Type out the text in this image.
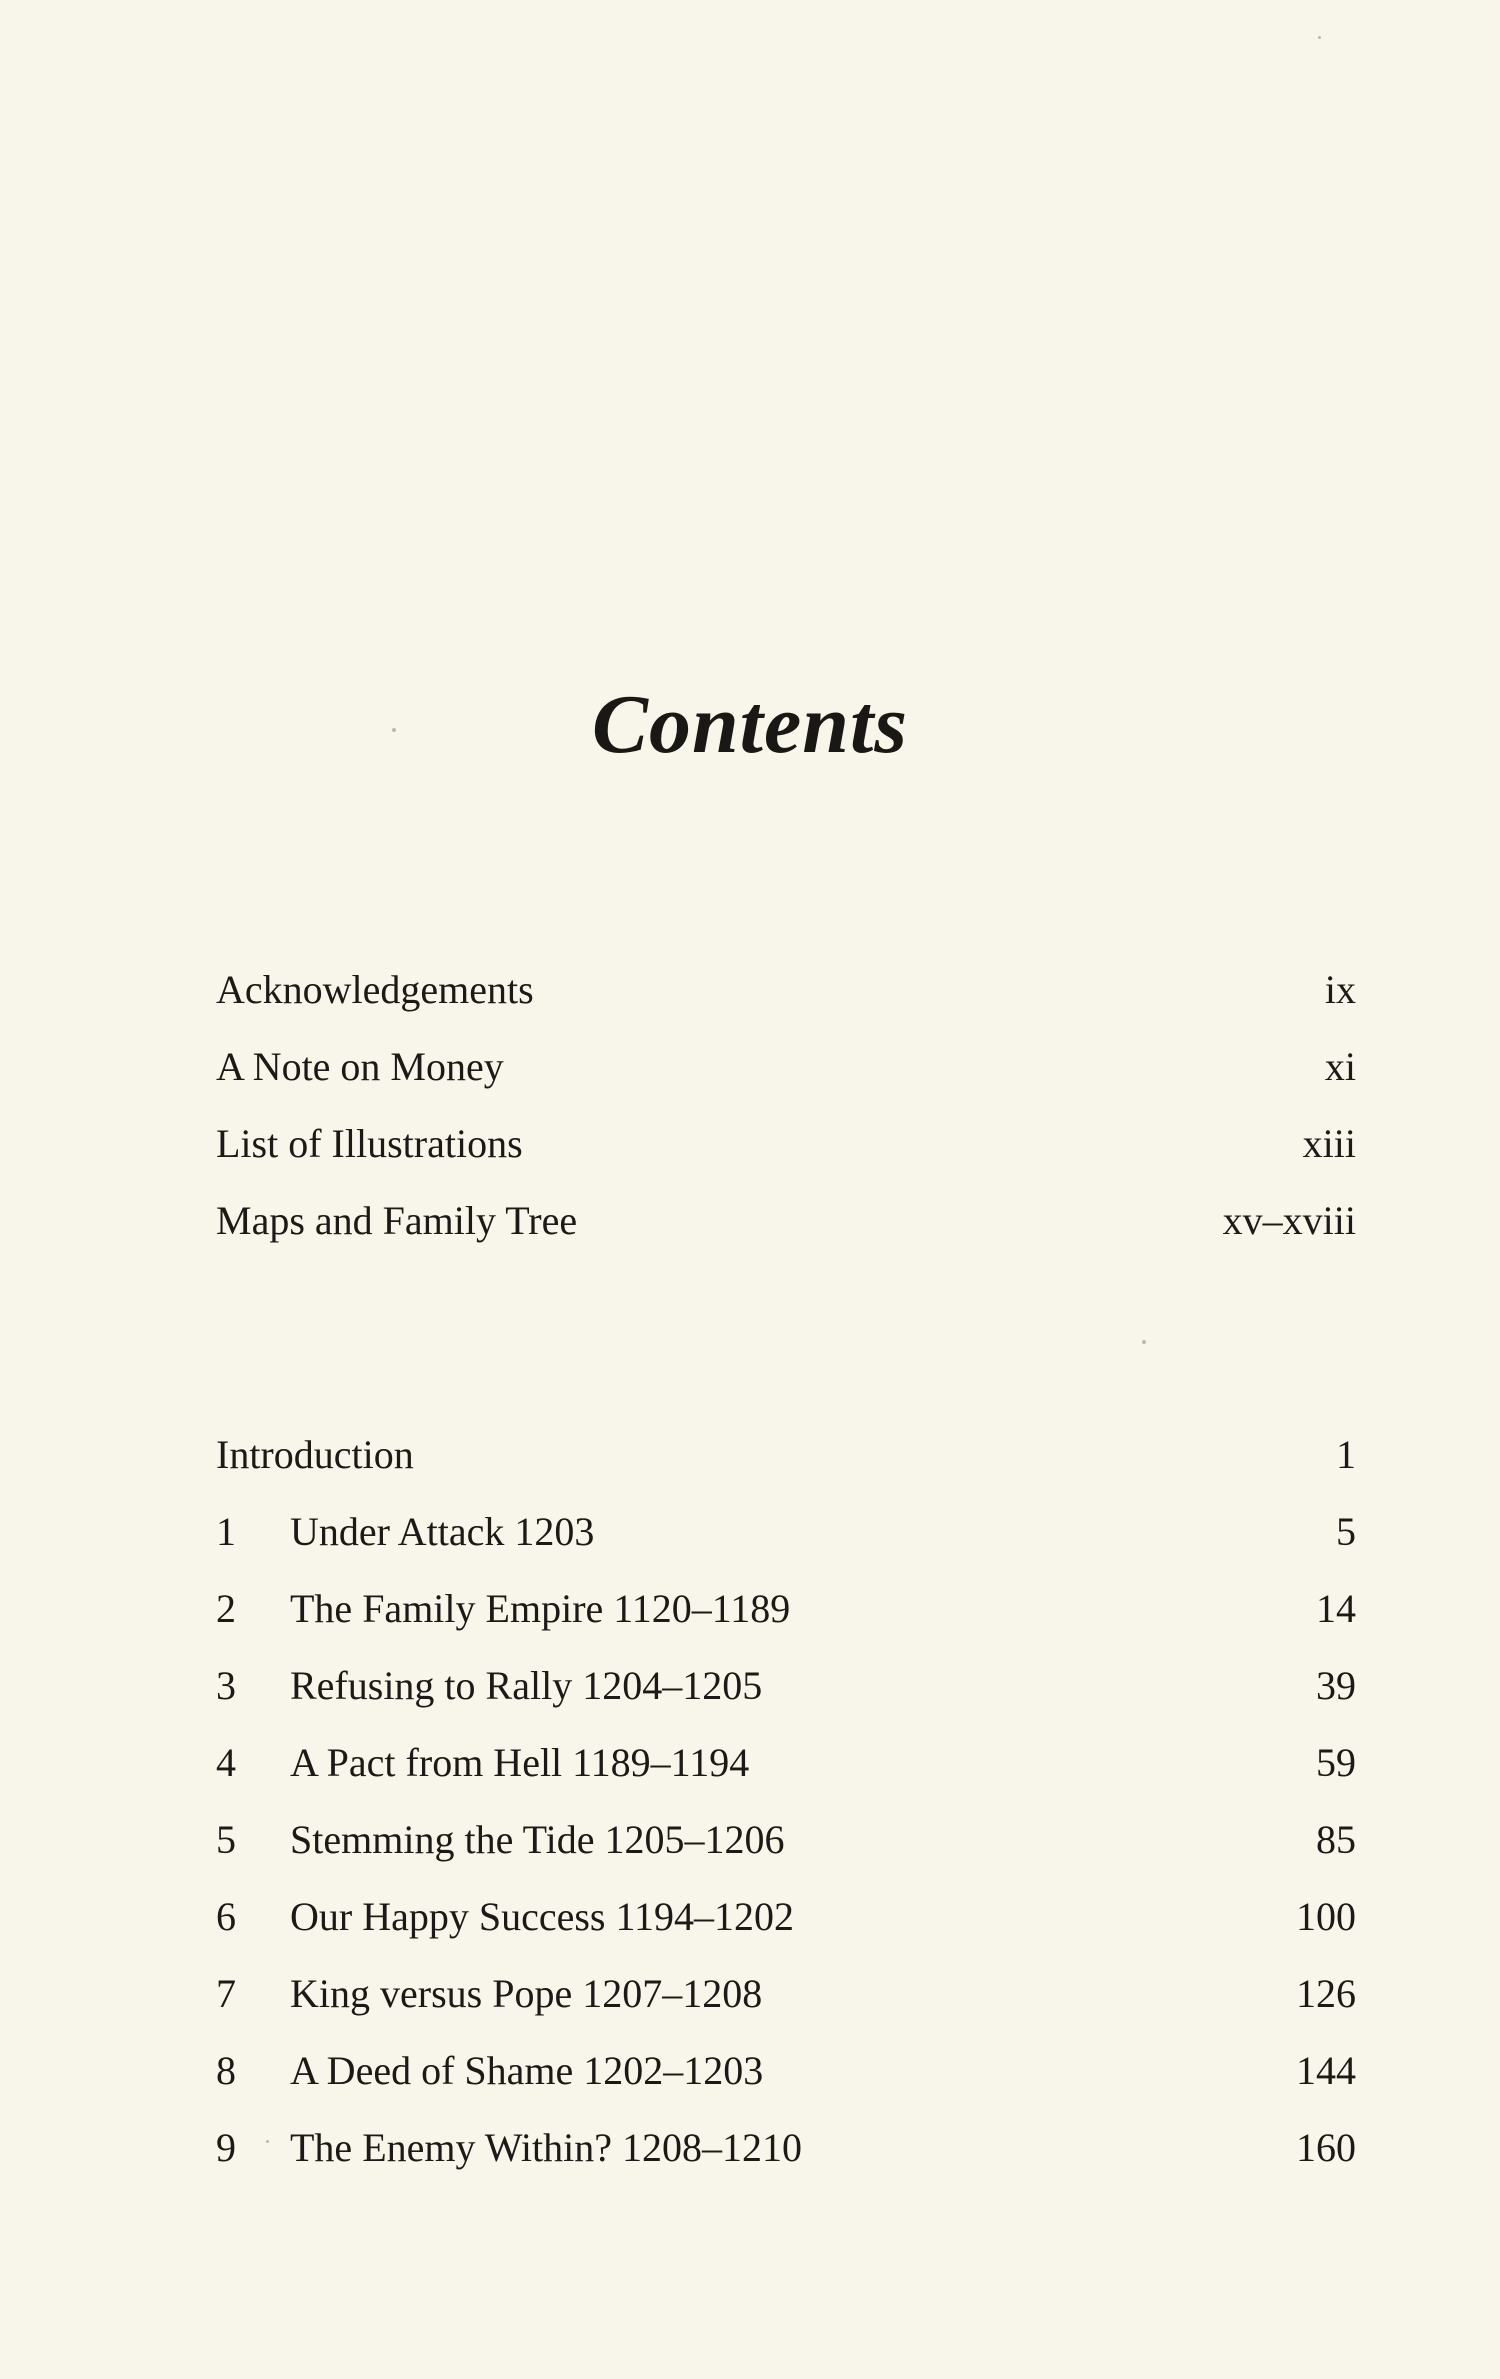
Contents
Acknowledgements	ix
A Note on Money	xi
List of Illustrations	xiii
Maps and Family Tree	xv–xviii
Introduction	1
1	Under Attack 1203	5
2	The Family Empire 1120–1189	14
3	Refusing to Rally 1204–1205	39
4	A Pact from Hell 1189–1194	59
5	Stemming the Tide 1205–1206	85
6	Our Happy Success 1194–1202	100
7	King versus Pope 1207–1208	126
8	A Deed of Shame 1202–1203	144
9	The Enemy Within? 1208–1210	160
